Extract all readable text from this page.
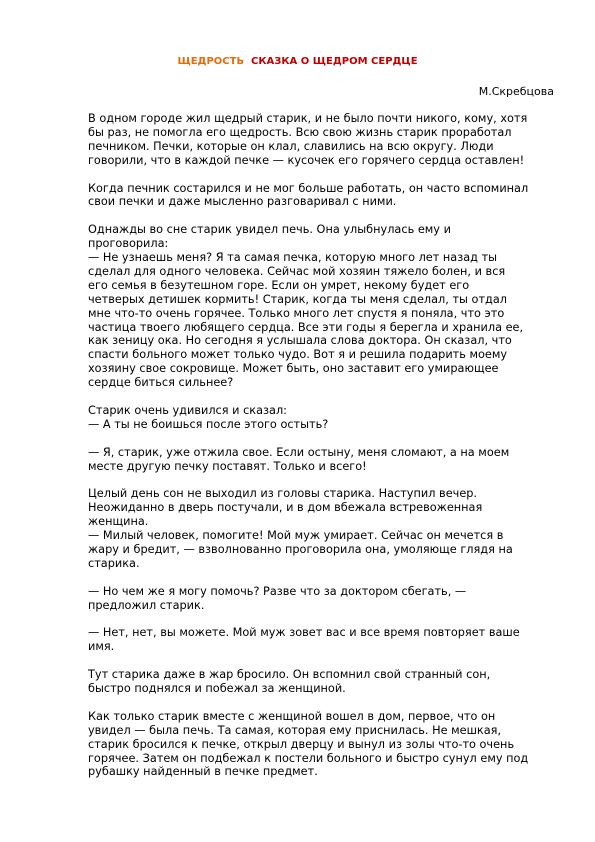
ЩЕДРОСТЬ СКАЗКА О ЩЕДРОМ СЕРДЦЕ
М.Скребцова

В одном городе жил щедрый старик, и не было почти никого, кому, хотя
бы раз, не помогла его щедрость. Всю свою жизнь старик проработал
печником. Печки, которые он клал, славились на всю округу. Люди
говорили, что в каждой печке — кусочек его горячего сердца оставлен!

Когда печник состарился и не мог больше работать, он часто вспоминал
свои печки и даже мысленно разговаривал с ними.

Однажды во сне старик увидел печь. Она улыбнулась ему и
проговорила:
— Не узнаешь меня? Я та самая печка, которую много лет назад ты
сделал для одного человека. Сейчас мой хозяин тяжело болен, и вся
его семья в безутешном горе. Если он умрет, некому будет его
четверых детишек кормить! Старик, когда ты меня сделал, ты отдал
мне что-то очень горячее. Только много лет спустя я поняла, что это
частица твоего любящего сердца. Все эти годы я берегла и хранила ее,
как зеницу ока. Но сегодня я услышала слова доктора. Он сказал, что
спасти больного может только чудо. Вот я и решила подарить моему
хозяину свое сокровище. Может быть, оно заставит его умирающее
сердце биться сильнее?

Старик очень удивился и сказал:
— А ты не боишься после этого остыть?

— Я, старик, уже отжила свое. Если остыну, меня сломают, а на моем
месте другую печку поставят. Только и всего!

Целый день сон не выходил из головы старика. Наступил вечер.
Неожиданно в дверь постучали, и в дом вбежала встревоженная
женщина.
— Милый человек, помогите! Мой муж умирает. Сейчас он мечется в
жару и бредит, — взволнованно проговорила она, умоляюще глядя на
старика.

— Но чем же я могу помочь? Разве что за доктором сбегать, —
предложил старик.

— Нет, нет, вы можете. Мой муж зовет вас и все время повторяет ваше
имя.

Тут старика даже в жар бросило. Он вспомнил свой странный сон,
быстро поднялся и побежал за женщиной.

Как только старик вместе с женщиной вошел в дом, первое, что он
увидел — была печь. Та самая, которая ему приснилась. Не мешкая,
старик бросился к печке, открыл дверцу и вынул из золы что-то очень
горячее. Затем он подбежал к постели больного и быстро сунул ему под
рубашку найденный в печке предмет.
